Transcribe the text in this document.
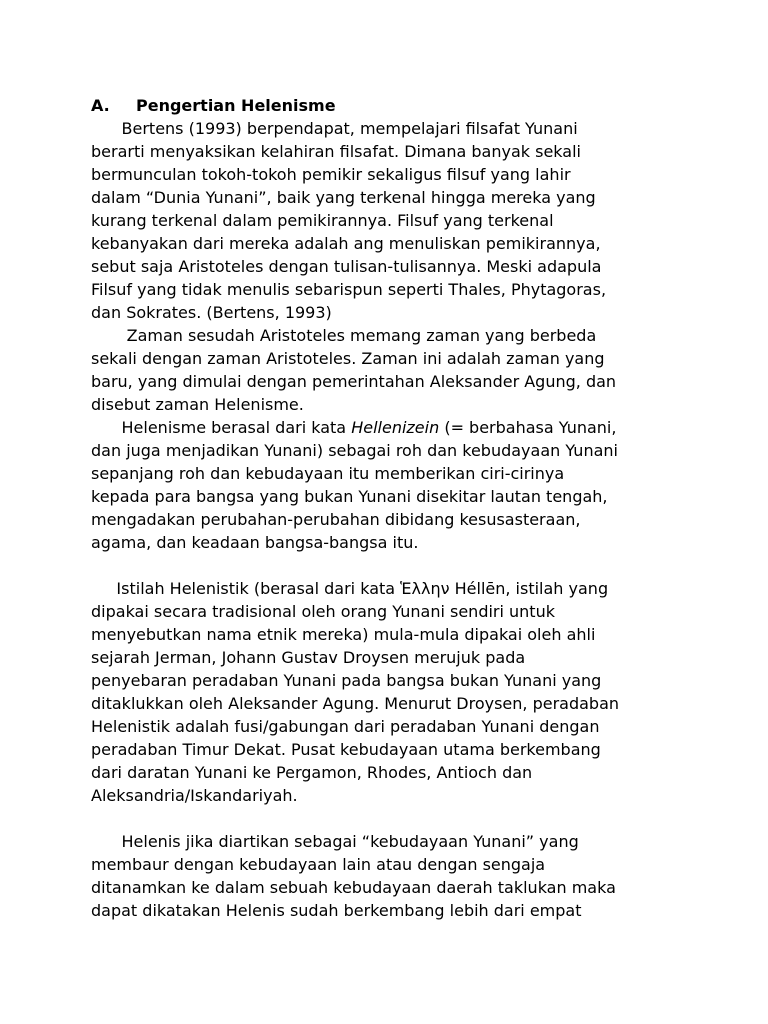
A.	Pengertian Helenisme
Bertens (1993) berpendapat, mempelajari filsafat Yunani
berarti menyaksikan kelahiran filsafat. Dimana banyak sekali
bermunculan tokoh-tokoh pemikir sekaligus filsuf yang lahir
dalam “Dunia Yunani”, baik yang terkenal hingga mereka yang
kurang terkenal dalam pemikirannya. Filsuf yang terkenal
kebanyakan dari mereka adalah ang menuliskan pemikirannya,
sebut saja Aristoteles dengan tulisan-tulisannya. Meski adapula
Filsuf yang tidak menulis sebarispun seperti Thales, Phytagoras,
dan Sokrates. (Bertens, 1993)
Zaman sesudah Aristoteles memang zaman yang berbeda
sekali dengan zaman Aristoteles. Zaman ini adalah zaman yang
baru, yang dimulai dengan pemerintahan Aleksander Agung, dan
disebut zaman Helenisme.
Helenisme berasal dari kata Hellenizein (= berbahasa Yunani,
dan juga menjadikan Yunani) sebagai roh dan kebudayaan Yunani
sepanjang roh dan kebudayaan itu memberikan ciri-cirinya
kepada para bangsa yang bukan Yunani disekitar lautan tengah,
mengadakan perubahan-perubahan dibidang kesusasteraan,
agama, dan keadaan bangsa-bangsa itu.
Istilah Helenistik (berasal dari kata Ἑλλην Héllēn, istilah yang
dipakai secara tradisional oleh orang Yunani sendiri untuk
menyebutkan nama etnik mereka) mula-mula dipakai oleh ahli
sejarah Jerman, Johann Gustav Droysen merujuk pada
penyebaran peradaban Yunani pada bangsa bukan Yunani yang
ditaklukkan oleh Aleksander Agung. Menurut Droysen, peradaban
Helenistik adalah fusi/gabungan dari peradaban Yunani dengan
peradaban Timur Dekat. Pusat kebudayaan utama berkembang
dari daratan Yunani ke Pergamon, Rhodes, Antioch dan
Aleksandria/Iskandariyah.
Helenis jika diartikan sebagai “kebudayaan Yunani” yang
membaur dengan kebudayaan lain atau dengan sengaja
ditanamkan ke dalam sebuah kebudayaan daerah taklukan maka
dapat dikatakan Helenis sudah berkembang lebih dari empat
